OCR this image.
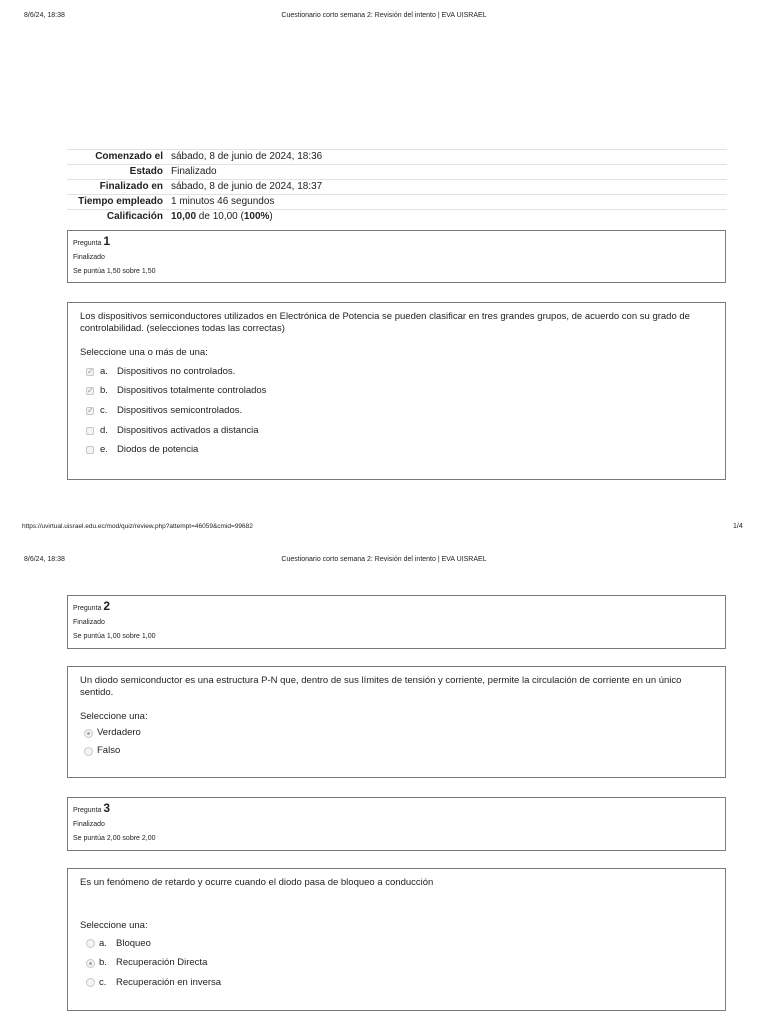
8/6/24, 18:38	Cuestionario corto semana 2: Revisión del intento | EVA UISRAEL
Comenzado el	sábado, 8 de junio de 2024, 18:36
Estado	Finalizado
Finalizado en	sábado, 8 de junio de 2024, 18:37
Tiempo empleado	1 minutos 46 segundos
Calificación	10,00 de 10,00 (100%)
Pregunta 1
Finalizado
Se puntúa 1,50 sobre 1,50
Los dispositivos semiconductores utilizados en Electrónica de Potencia se pueden clasificar en tres grandes grupos, de acuerdo con su grado de controlabilidad. (selecciones todas las correctas)
Seleccione una o más de una:
✓
a. Dispositivos no controlados.
✓
b. Dispositivos totalmente controlados
✓
c.	Dispositivos semicontrolados.
d. Dispositivos activados a distancia
e. Diodos de potencia
https://uvirtual.uisrael.edu.ec/mod/quiz/review.php?attempt=46059&cmid=99682	1/4
8/6/24, 18:38	Cuestionario corto semana 2: Revisión del intento | EVA UISRAEL
Pregunta 2
Finalizado
Se puntúa 1,00 sobre 1,00
Un diodo semiconductor es una estructura P-N que, dentro de sus límites de tensión y corriente, permite la circulación de corriente en un único sentido.
Seleccione una:
Verdadero
Falso
Pregunta 3
Finalizado
Se puntúa 2,00 sobre 2,00
Es un fenómeno de retardo y ocurre cuando el diodo pasa de bloqueo a conducción
Seleccione una:
a. Bloqueo
b. Recuperación Directa
c.	Recuperación en inversa
